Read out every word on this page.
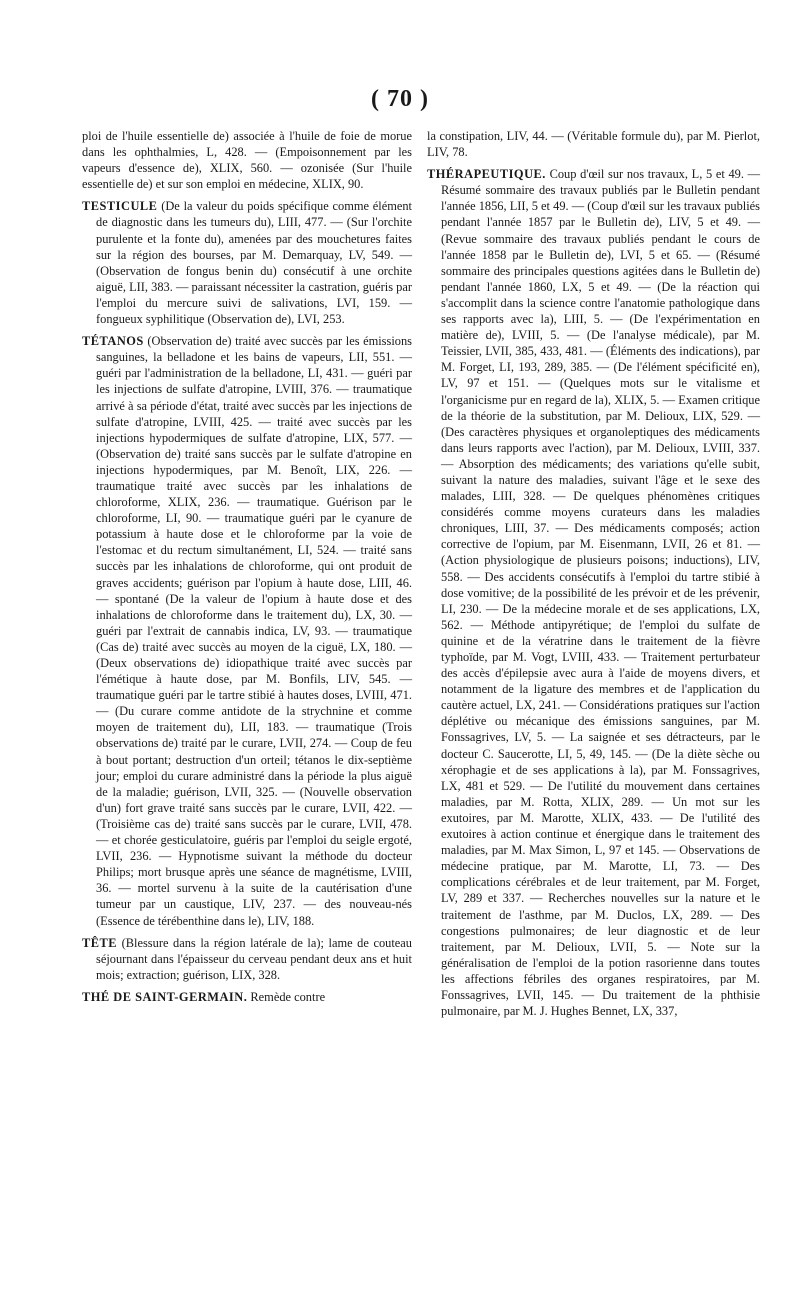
( 70 )

ploi de l'huile essentielle de) associée à l'huile de foie de morue dans les ophthalmies, L, 428. — (Empoisonnement par les vapeurs d'essence de), XLIX, 560. — ozonisée (Sur l'huile essentielle de) et sur son emploi en médecine, XLIX, 90.

TESTICULE (De la valeur du poids spécifique comme élément de diagnostic dans les tumeurs du), LIII, 477. — (Sur l'orchite purulente et la fonte du), amenées par des mouchetures faites sur la région des bourses, par M. Demarquay, LV, 549. — (Observation de fongus benin du) consécutif à une orchite aiguë, LII, 383. — paraissant nécessiter la castration, guéris par l'emploi du mercure suivi de salivations, LVI, 159. — fongueux syphilitique (Observation de), LVI, 253.

TÉTANOS (Observation de) traité avec succès par les émissions sanguines, la belladone et les bains de vapeurs, LII, 551. — guéri par l'administration de la belladone, LI, 431. — guéri par les injections de sulfate d'atropine, LVIII, 376. — traumatique arrivé à sa période d'état, traité avec succès par les injections de sulfate d'atropine, LVIII, 425. — traité avec succès par les injections hypodermiques de sulfate d'atropine, LIX, 577. —(Observation de) traité sans succès par le sulfate d'atropine en injections hypodermiques, par M. Benoît, LIX, 226. — traumatique traité avec succès par les inhalations de chloroforme, XLIX, 236. — traumatique. Guérison par le chloroforme, LI, 90. — traumatique guéri par le cyanure de potassium à haute dose et le chloroforme par la voie de l'estomac et du rectum simultanément, LI, 524. — traité sans succès par les inhalations de chloroforme, qui ont produit de graves accidents; guérison par l'opium à haute dose, LIII, 46. — spontané (De la valeur de l'opium à haute dose et des inhalations de chloroforme dans le traitement du), LX, 30. — guéri par l'extrait de cannabis indica, LV, 93. — traumatique (Cas de) traité avec succès au moyen de la ciguë, LX, 180. — (Deux observations de) idiopathique traité avec succès par l'émétique à haute dose, par M. Bonfils, LIV, 545. — traumatique guéri par le tartre stibié à hautes doses, LVIII, 471. — (Du curare comme antidote de la strychnine et comme moyen de traitement du), LII, 183. — traumatique (Trois observations de) traité par le curare, LVII, 274. — Coup de feu à bout portant; destruction d'un orteil; tétanos le dix-septième jour; emploi du curare administré dans la période la plus aiguë de la maladie; guérison, LVII, 325. — (Nouvelle observation d'un) fort grave traité sans succès par le curare, LVII, 422. — (Troisième cas de) traité sans succès par le curare, LVII, 478. — et chorée gesticulatoire, guéris par l'emploi du seigle ergoté, LVII, 236. — Hypnotisme suivant la méthode du docteur Philips; mort brusque après une séance de magnétisme, LVIII, 36. — mortel survenu à la suite de la cautérisation d'une tumeur par un caustique, LIV, 237. — des nouveau-nés (Essence de térébenthine dans le), LIV, 188.

TÊTE (Blessure dans la région latérale de la); lame de couteau séjournant dans l'épaisseur du cerveau pendant deux ans et huit mois; extraction; guérison, LIX, 328.

THÉ DE SAINT-GERMAIN. Remède contre

la constipation, LIV, 44. — (Véritable formule du), par M. Pierlot, LIV, 78.

THÉRAPEUTIQUE. Coup d'œil sur nos travaux, L, 5 et 49. — Résumé sommaire des travaux publiés par le Bulletin pendant l'année 1856, LII, 5 et 49. — (Coup d'œil sur les travaux publiés pendant l'année 1857 par le Bulletin de), LIV, 5 et 49. — (Revue sommaire des travaux publiés pendant le cours de l'année 1858 par le Bulletin de), LVI, 5 et 65. — (Résumé sommaire des principales questions agitées dans le Bulletin de) pendant l'année 1860, LX, 5 et 49. — (De la réaction qui s'accomplit dans la science contre l'anatomie pathologique dans ses rapports avec la), LIII, 5. — (De l'expérimentation en matière de), LVIII, 5. — (De l'analyse médicale), par M. Teissier, LVII, 385, 433, 481. — (Éléments des indications), par M. Forget, LI, 193, 289, 385. — (De l'élément spécificité en), LV, 97 et 151. — (Quelques mots sur le vitalisme et l'organicisme pur en regard de la), XLIX, 5. — Examen critique de la théorie de la substitution, par M. Delioux, LIX, 529. — (Des caractères physiques et organoleptiques des médicaments dans leurs rapports avec l'action), par M. Delioux, LVIII, 337. — Absorption des médicaments; des variations qu'elle subit, suivant la nature des maladies, suivant l'âge et le sexe des malades, LIII, 328. — De quelques phénomènes critiques considérés comme moyens curateurs dans les maladies chroniques, LIII, 37. — Des médicaments composés; action corrective de l'opium, par M. Eisenmann, LVII, 26 et 81. — (Action physiologique de plusieurs poisons; inductions), LIV, 558. — Des accidents consécutifs à l'emploi du tartre stibié à dose vomitive; de la possibilité de les prévoir et de les prévenir, LI, 230. — De la médecine morale et de ses applications, LX, 562. — Méthode antipyrétique; de l'emploi du sulfate de quinine et de la vératrine dans le traitement de la fièvre typhoïde, par M. Vogt, LVIII, 433. — Traitement perturbateur des accès d'épilepsie avec aura à l'aide de moyens divers, et notamment de la ligature des membres et de l'application du cautère actuel, LX, 241. — Considérations pratiques sur l'action déplétive ou mécanique des émissions sanguines, par M. Fonssagrives, LV, 5. — La saignée et ses détracteurs, par le docteur C. Saucerotte, LI, 5, 49, 145. — (De la diète sèche ou xérophagie et de ses applications à la), par M. Fonssagrives, LX, 481 et 529. — De l'utilité du mouvement dans certaines maladies, par M. Rotta, XLIX, 289. — Un mot sur les exutoires, par M. Marotte, XLIX, 433. — De l'utilité des exutoires à action continue et énergique dans le traitement des maladies, par M. Max Simon, L, 97 et 145. — Observations de médecine pratique, par M. Marotte, LI, 73. — Des complications cérébrales et de leur traitement, par M. Forget, LV, 289 et 337. — Recherches nouvelles sur la nature et le traitement de l'asthme, par M. Duclos, LX, 289. — Des congestions pulmonaires; de leur diagnostic et de leur traitement, par M. Delioux, LVII, 5. — Note sur la généralisation de l'emploi de la potion rasorienne dans toutes les affections fébriles des organes respiratoires, par M. Fonssagrives, LVII, 145. — Du traitement de la phthisie pulmonaire, par M. J. Hughes Bennet, LX, 337,
